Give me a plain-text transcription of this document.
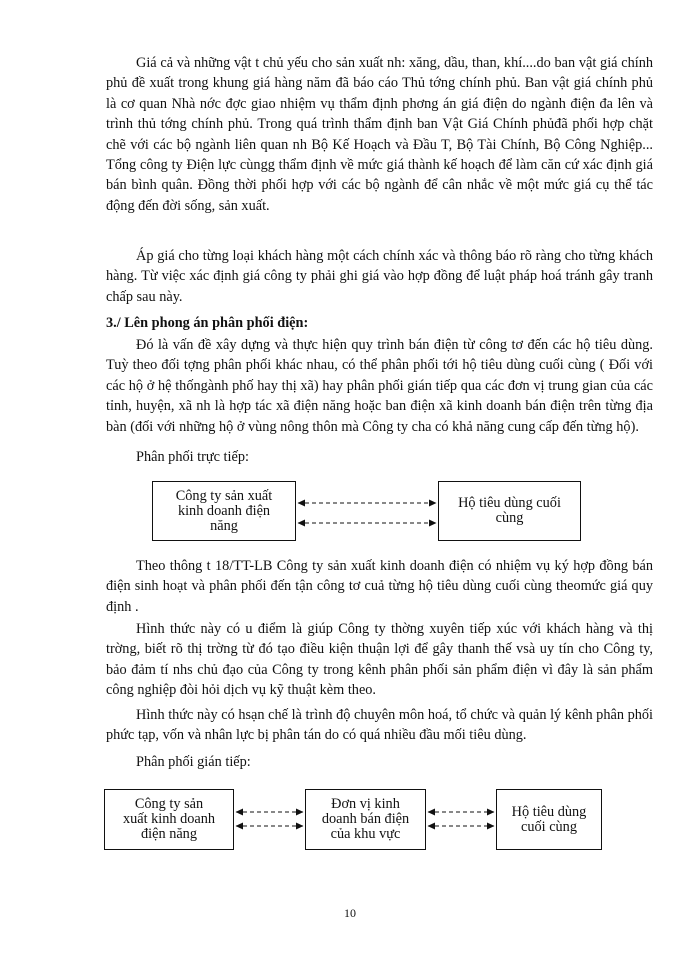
Giá cả và những vật t chủ yếu cho sản xuất nh: xăng, dầu, than, khí....do ban vật giá chính phủ đề xuất trong khung giá hàng năm đã báo cáo Thủ tớng chính phủ. Ban vật giá chính phủ là cơ quan Nhà nớc đợc giao nhiệm vụ thẩm định phơng án giá điện do ngành điện đa lên và trình thủ tớng chính phủ. Trong quá trình thẩm định ban Vật Giá Chính phủđã phối hợp chặt chẽ với các bộ ngành liên quan nh Bộ Kế Hoạch và Đầu T, Bộ Tài Chính, Bộ Công Nghiệp... Tổng công ty Điện lực cùngg thẩm định về mức giá thành kế hoạch để làm căn cứ xác định giá bán bình quân. Đồng thời phối hợp với các bộ ngành để cân nhắc về một mức giá cụ thể tác động đến đời sống, sản xuất.

Áp giá cho từng loại khách hàng một cách chính xác và thông báo rõ ràng cho từng khách hàng. Từ việc xác định giá công ty phải ghi giá vào hợp đồng để luật pháp hoá tránh gây tranh chấp sau này.

3./ Lên phong án phân phối điện:

Đó là vấn đề xây dựng và thực hiện quy trình bán điện từ công tơ đến các hộ tiêu dùng. Tuỳ theo đối tợng phân phối khác nhau, có thể phân phối tới hộ tiêu dùng cuối cùng ( Đối với các hộ ở hệ thốngành phố hay thị xã) hay phân phối gián tiếp qua các đơn vị trung gian của các tỉnh, huyện, xã nh là hợp tác xã điện năng hoặc ban điện xã kinh doanh bán điện trên từng địa bàn (đối với những hộ ở vùng nông thôn mà Công ty cha có khả năng cung cấp đến từng hộ).

Phân phối trực tiếp:

Công ty sản xuất
kinh doanh điện
năng
Hộ tiêu dùng cuối
cùng

Theo thông t 18/TT-LB Công ty sản xuất kinh doanh điện có nhiệm vụ ký hợp đồng bán điện sinh hoạt và phân phối đến tận công tơ cuả từng hộ tiêu dùng cuối cùng theomức giá quy định .

Hình thức này có u điểm là giúp Công ty thờng xuyên tiếp xúc với khách hàng và thị trờng, biết rõ thị trờng từ đó tạo điều kiện thuận lợi để gây thanh thế vsà uy tín cho Công ty, bảo đảm tí nhs chủ đạo của Công ty trong kênh phân phối sản phẩm điện vì đây là sản phẩm công nghiệp đòi hỏi dịch vụ kỹ thuật kèm theo.

Hình thức này có hsạn chế là trình độ chuyên môn hoá, tổ chức và quản lý kênh phân phối phức tạp, vốn và nhân lực bị phân tán do có quá nhiều đầu mối tiêu dùng.

Phân phối gián tiếp:

Công ty sản
xuất kinh doanh
điện năng
Đơn vị kinh
doanh bán điện
của khu vực
Hộ tiêu dùng
cuối cùng

10
